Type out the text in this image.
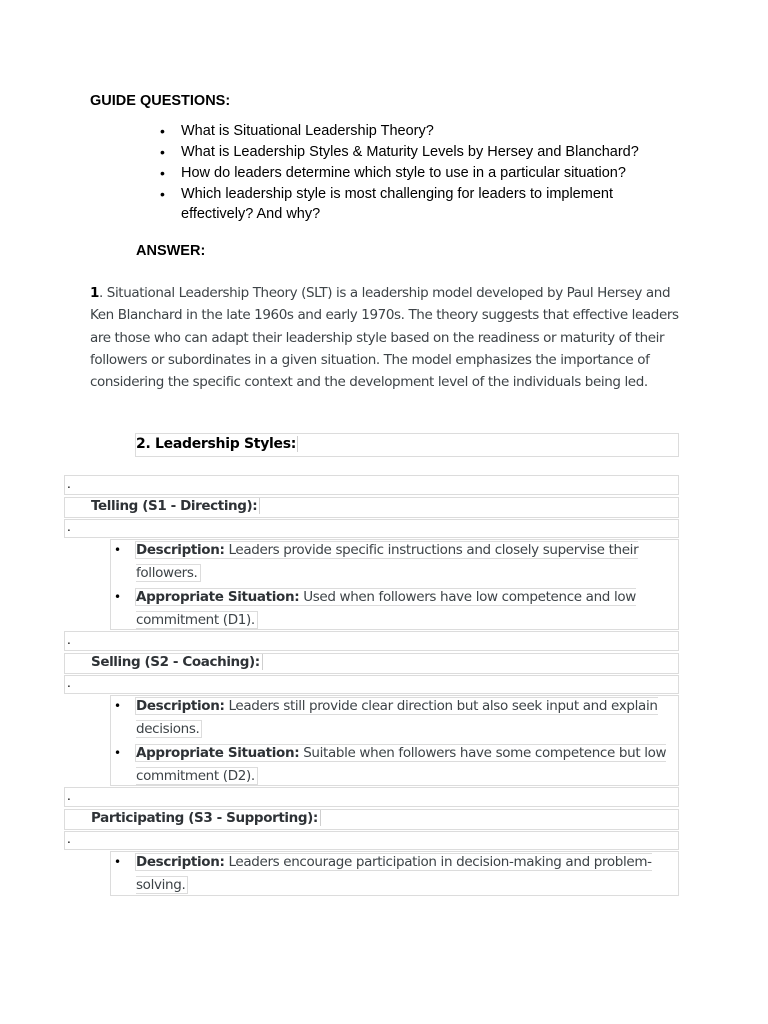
GUIDE QUESTIONS:

• What is Situational Leadership Theory?
• What is Leadership Styles & Maturity Levels by Hersey and Blanchard?
• How do leaders determine which style to use in a particular situation?
• Which leadership style is most challenging for leaders to implement effectively? And why?

ANSWER:

1. Situational Leadership Theory (SLT) is a leadership model developed by Paul Hersey and Ken Blanchard in the late 1960s and early 1970s. The theory suggests that effective leaders are those who can adapt their leadership style based on the readiness or maturity of their followers or subordinates in a given situation. The model emphasizes the importance of considering the specific context and the development level of the individuals being led.

2. Leadership Styles:
.
Telling (S1 - Directing):
.
• Description: Leaders provide specific instructions and closely supervise their followers.
• Appropriate Situation: Used when followers have low competence and low commitment (D1).
.
Selling (S2 - Coaching):
.
• Description: Leaders still provide clear direction but also seek input and explain decisions.
• Appropriate Situation: Suitable when followers have some competence but low commitment (D2).
.
Participating (S3 - Supporting):
.
• Description: Leaders encourage participation in decision-making and problem-solving.
